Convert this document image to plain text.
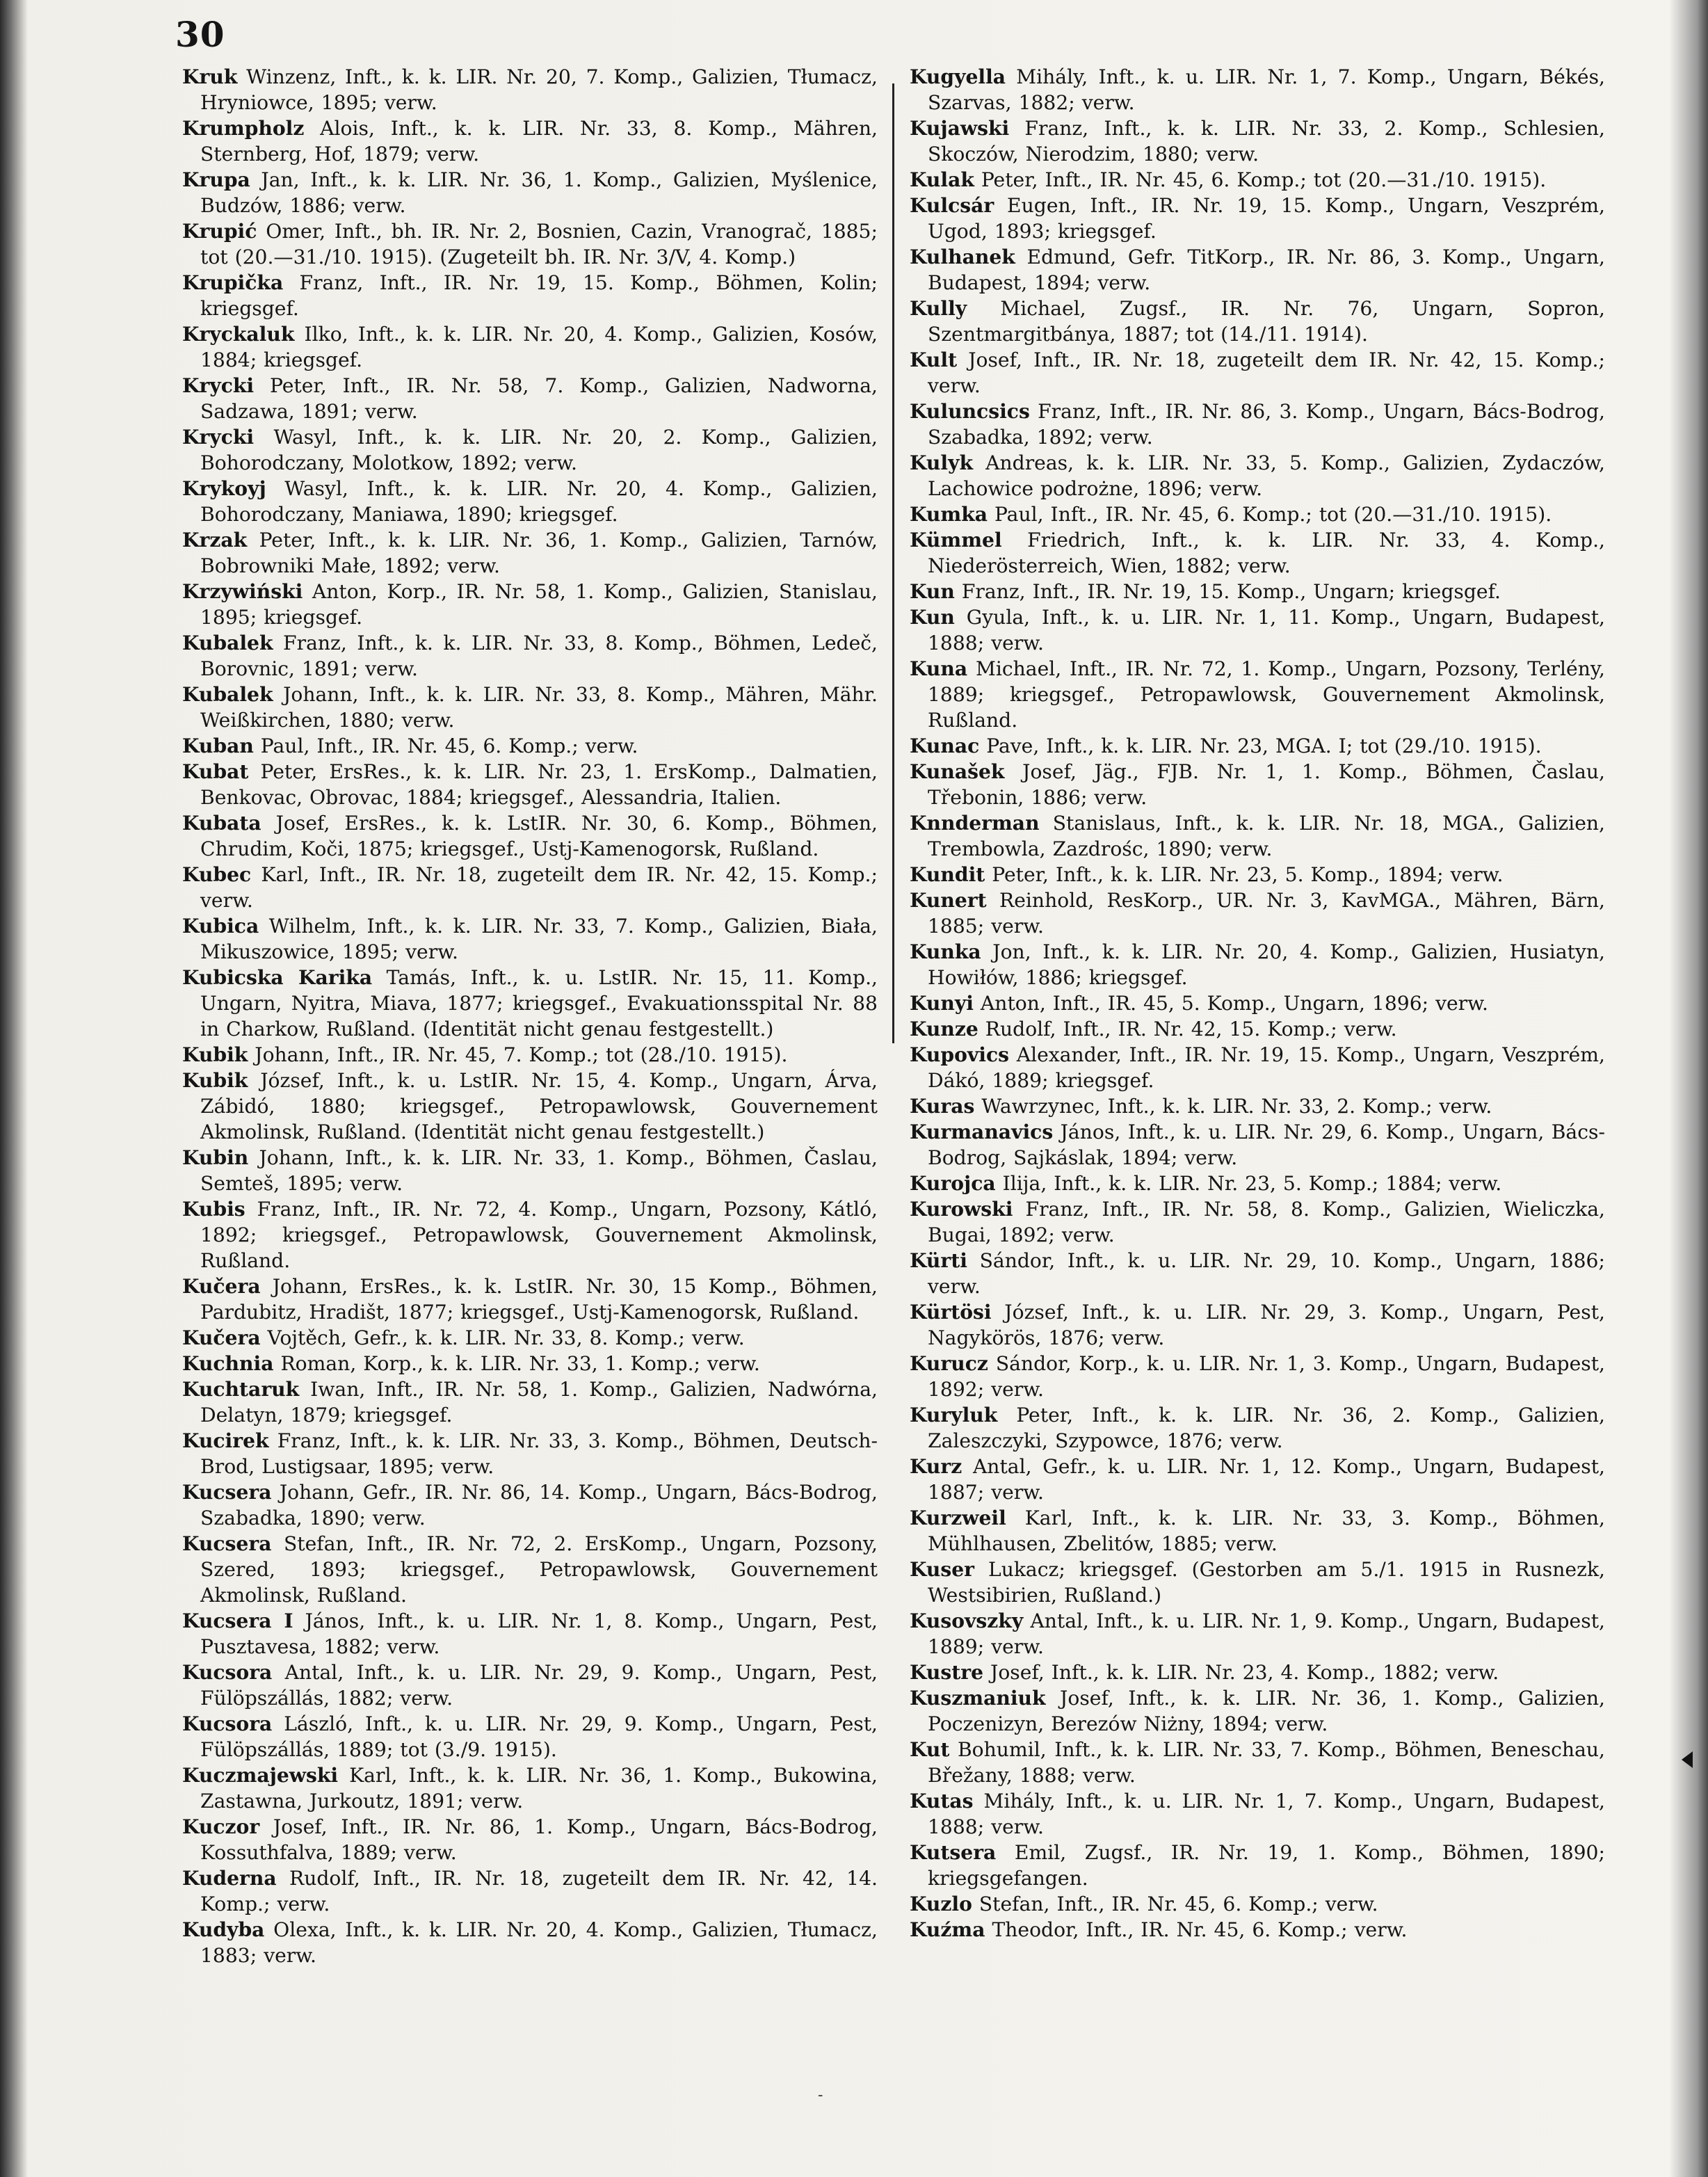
30

Kruk Winzenz, Inft., k. k. LIR. Nr. 20, 7. Komp., Galizien, Tłumacz, Hryniowce, 1895; verw.

Krumpholz Alois, Inft., k. k. LIR. Nr. 33, 8. Komp., Mähren, Sternberg, Hof, 1879; verw.

Krupa Jan, Inft., k. k. LIR. Nr. 36, 1. Komp., Galizien, Myślenice, Budzów, 1886; verw.

Krupić Omer, Inft., bh. IR. Nr. 2, Bosnien, Cazin, Vranograč, 1885; tot (20.—31./10. 1915). (Zugeteilt bh. IR. Nr. 3/V, 4. Komp.)

Krupička Franz, Inft., IR. Nr. 19, 15. Komp., Böhmen, Kolin; kriegsgef.

Kryckaluk Ilko, Inft., k. k. LIR. Nr. 20, 4. Komp., Galizien, Kosów, 1884; kriegsgef.

Krycki Peter, Inft., IR. Nr. 58, 7. Komp., Galizien, Nadworna, Sadzawa, 1891; verw.

Krycki Wasyl, Inft., k. k. LIR. Nr. 20, 2. Komp., Galizien, Bohorodczany, Molotkow, 1892; verw.

Krykoyj Wasyl, Inft., k. k. LIR. Nr. 20, 4. Komp., Galizien, Bohorodczany, Maniawa, 1890; kriegsgef.

Krzak Peter, Inft., k. k. LIR. Nr. 36, 1. Komp., Galizien, Tarnów, Bobrowniki Małe, 1892; verw.

Krzywiński Anton, Korp., IR. Nr. 58, 1. Komp., Galizien, Stanislau, 1895; kriegsgef.

Kubalek Franz, Inft., k. k. LIR. Nr. 33, 8. Komp., Böhmen, Ledeč, Borovnic, 1891; verw.

Kubalek Johann, Inft., k. k. LIR. Nr. 33, 8. Komp., Mähren, Mähr. Weißkirchen, 1880; verw.

Kuban Paul, Inft., IR. Nr. 45, 6. Komp.; verw.

Kubat Peter, ErsRes., k. k. LIR. Nr. 23, 1. ErsKomp., Dalmatien, Benkovac, Obrovac, 1884; kriegsgef., Alessandria, Italien.

Kubata Josef, ErsRes., k. k. LstIR. Nr. 30, 6. Komp., Böhmen, Chrudim, Koči, 1875; kriegsgef., Ustj-Kamenogorsk, Rußland.

Kubec Karl, Inft., IR. Nr. 18, zugeteilt dem IR. Nr. 42, 15. Komp.; verw.

Kubica Wilhelm, Inft., k. k. LIR. Nr. 33, 7. Komp., Galizien, Biała, Mikuszowice, 1895; verw.

Kubicska Karika Tamás, Inft., k. u. LstIR. Nr. 15, 11. Komp., Ungarn, Nyitra, Miava, 1877; kriegsgef., Evakuationsspital Nr. 88 in Charkow, Rußland. (Identität nicht genau festgestellt.)

Kubik Johann, Inft., IR. Nr. 45, 7. Komp.; tot (28./10. 1915).

Kubik József, Inft., k. u. LstIR. Nr. 15, 4. Komp., Ungarn, Árva, Zábidó, 1880; kriegsgef., Petropawlowsk, Gouvernement Akmolinsk, Rußland. (Identität nicht genau festgestellt.)

Kubin Johann, Inft., k. k. LIR. Nr. 33, 1. Komp., Böhmen, Časlau, Semteš, 1895; verw.

Kubis Franz, Inft., IR. Nr. 72, 4. Komp., Ungarn, Pozsony, Kátló, 1892; kriegsgef., Petropawlowsk, Gouvernement Akmolinsk, Rußland.

Kučera Johann, ErsRes., k. k. LstIR. Nr. 30, 15 Komp., Böhmen, Pardubitz, Hradišt, 1877; kriegsgef., Ustj-Kamenogorsk, Rußland.

Kučera Vojtěch, Gefr., k. k. LIR. Nr. 33, 8. Komp.; verw.

Kuchnia Roman, Korp., k. k. LIR. Nr. 33, 1. Komp.; verw.

Kuchtaruk Iwan, Inft., IR. Nr. 58, 1. Komp., Galizien, Nadwórna, Delatyn, 1879; kriegsgef.

Kucirek Franz, Inft., k. k. LIR. Nr. 33, 3. Komp., Böhmen, Deutsch-Brod, Lustigsaar, 1895; verw.

Kucsera Johann, Gefr., IR. Nr. 86, 14. Komp., Ungarn, Bács-Bodrog, Szabadka, 1890; verw.

Kucsera Stefan, Inft., IR. Nr. 72, 2. ErsKomp., Ungarn, Pozsony, Szered, 1893; kriegsgef., Petropawlowsk, Gouvernement Akmolinsk, Rußland.

Kucsera I János, Inft., k. u. LIR. Nr. 1, 8. Komp., Ungarn, Pest, Pusztavesa, 1882; verw.

Kucsora Antal, Inft., k. u. LIR. Nr. 29, 9. Komp., Ungarn, Pest, Fülöpszállás, 1882; verw.

Kucsora László, Inft., k. u. LIR. Nr. 29, 9. Komp., Ungarn, Pest, Fülöpszállás, 1889; tot (3./9. 1915).

Kuczmajewski Karl, Inft., k. k. LIR. Nr. 36, 1. Komp., Bukowina, Zastawna, Jurkoutz, 1891; verw.

Kuczor Josef, Inft., IR. Nr. 86, 1. Komp., Ungarn, Bács-Bodrog, Kossuthfalva, 1889; verw.

Kuderna Rudolf, Inft., IR. Nr. 18, zugeteilt dem IR. Nr. 42, 14. Komp.; verw.

Kudyba Olexa, Inft., k. k. LIR. Nr. 20, 4. Komp., Galizien, Tłumacz, 1883; verw.

Kugyella Mihály, Inft., k. u. LIR. Nr. 1, 7. Komp., Ungarn, Békés, Szarvas, 1882; verw.

Kujawski Franz, Inft., k. k. LIR. Nr. 33, 2. Komp., Schlesien, Skoczów, Nierodzim, 1880; verw.

Kulak Peter, Inft., IR. Nr. 45, 6. Komp.; tot (20.—31./10. 1915).

Kulcsár Eugen, Inft., IR. Nr. 19, 15. Komp., Ungarn, Veszprém, Ugod, 1893; kriegsgef.

Kulhanek Edmund, Gefr. TitKorp., IR. Nr. 86, 3. Komp., Ungarn, Budapest, 1894; verw.

Kully Michael, Zugsf., IR. Nr. 76, Ungarn, Sopron, Szentmargitbánya, 1887; tot (14./11. 1914).

Kult Josef, Inft., IR. Nr. 18, zugeteilt dem IR. Nr. 42, 15. Komp.; verw.

Kuluncsics Franz, Inft., IR. Nr. 86, 3. Komp., Ungarn, Bács-Bodrog, Szabadka, 1892; verw.

Kulyk Andreas, k. k. LIR. Nr. 33, 5. Komp., Galizien, Zydaczów, Lachowice podrożne, 1896; verw.

Kumka Paul, Inft., IR. Nr. 45, 6. Komp.; tot (20.—31./10. 1915).

Kümmel Friedrich, Inft., k. k. LIR. Nr. 33, 4. Komp., Niederösterreich, Wien, 1882; verw.

Kun Franz, Inft., IR. Nr. 19, 15. Komp., Ungarn; kriegsgef.

Kun Gyula, Inft., k. u. LIR. Nr. 1, 11. Komp., Ungarn, Budapest, 1888; verw.

Kuna Michael, Inft., IR. Nr. 72, 1. Komp., Ungarn, Pozsony, Terlény, 1889; kriegsgef., Petropawlowsk, Gouvernement Akmolinsk, Rußland.

Kunac Pave, Inft., k. k. LIR. Nr. 23, MGA. I; tot (29./10. 1915).

Kunašek Josef, Jäg., FJB. Nr. 1, 1. Komp., Böhmen, Časlau, Třebonin, 1886; verw.

Knnderman Stanislaus, Inft., k. k. LIR. Nr. 18, MGA., Galizien, Trembowla, Zazdrośc, 1890; verw.

Kundit Peter, Inft., k. k. LIR. Nr. 23, 5. Komp., 1894; verw.

Kunert Reinhold, ResKorp., UR. Nr. 3, KavMGA., Mähren, Bärn, 1885; verw.

Kunka Jon, Inft., k. k. LIR. Nr. 20, 4. Komp., Galizien, Husiatyn, Howiłów, 1886; kriegsgef.

Kunyi Anton, Inft., IR. 45, 5. Komp., Ungarn, 1896; verw.

Kunze Rudolf, Inft., IR. Nr. 42, 15. Komp.; verw.

Kupovics Alexander, Inft., IR. Nr. 19, 15. Komp., Ungarn, Veszprém, Dákó, 1889; kriegsgef.

Kuras Wawrzynec, Inft., k. k. LIR. Nr. 33, 2. Komp.; verw.

Kurmanavics János, Inft., k. u. LIR. Nr. 29, 6. Komp., Ungarn, Bács-Bodrog, Sajkáslak, 1894; verw.

Kurojca Ilija, Inft., k. k. LIR. Nr. 23, 5. Komp.; 1884; verw.

Kurowski Franz, Inft., IR. Nr. 58, 8. Komp., Galizien, Wieliczka, Bugai, 1892; verw.

Kürti Sándor, Inft., k. u. LIR. Nr. 29, 10. Komp., Ungarn, 1886; verw.

Kürtösi József, Inft., k. u. LIR. Nr. 29, 3. Komp., Ungarn, Pest, Nagykörös, 1876; verw.

Kurucz Sándor, Korp., k. u. LIR. Nr. 1, 3. Komp., Ungarn, Budapest, 1892; verw.

Kuryluk Peter, Inft., k. k. LIR. Nr. 36, 2. Komp., Galizien, Zaleszczyki, Szypowce, 1876; verw.

Kurz Antal, Gefr., k. u. LIR. Nr. 1, 12. Komp., Ungarn, Budapest, 1887; verw.

Kurzweil Karl, Inft., k. k. LIR. Nr. 33, 3. Komp., Böhmen, Mühlhausen, Zbelitów, 1885; verw.

Kuser Lukacz; kriegsgef. (Gestorben am 5./1. 1915 in Rusnezk, Westsibirien, Rußland.)

Kusovszky Antal, Inft., k. u. LIR. Nr. 1, 9. Komp., Ungarn, Budapest, 1889; verw.

Kustre Josef, Inft., k. k. LIR. Nr. 23, 4. Komp., 1882; verw.

Kuszmaniuk Josef, Inft., k. k. LIR. Nr. 36, 1. Komp., Galizien, Poczenizyn, Berezów Niżny, 1894; verw.

Kut Bohumil, Inft., k. k. LIR. Nr. 33, 7. Komp., Böhmen, Beneschau, Břežany, 1888; verw.

Kutas Mihály, Inft., k. u. LIR. Nr. 1, 7. Komp., Ungarn, Budapest, 1888; verw.

Kutsera Emil, Zugsf., IR. Nr. 19, 1. Komp., Böhmen, 1890; kriegsgefangen.

Kuzlo Stefan, Inft., IR. Nr. 45, 6. Komp.; verw.

Kuźma Theodor, Inft., IR. Nr. 45, 6. Komp.; verw.

-
